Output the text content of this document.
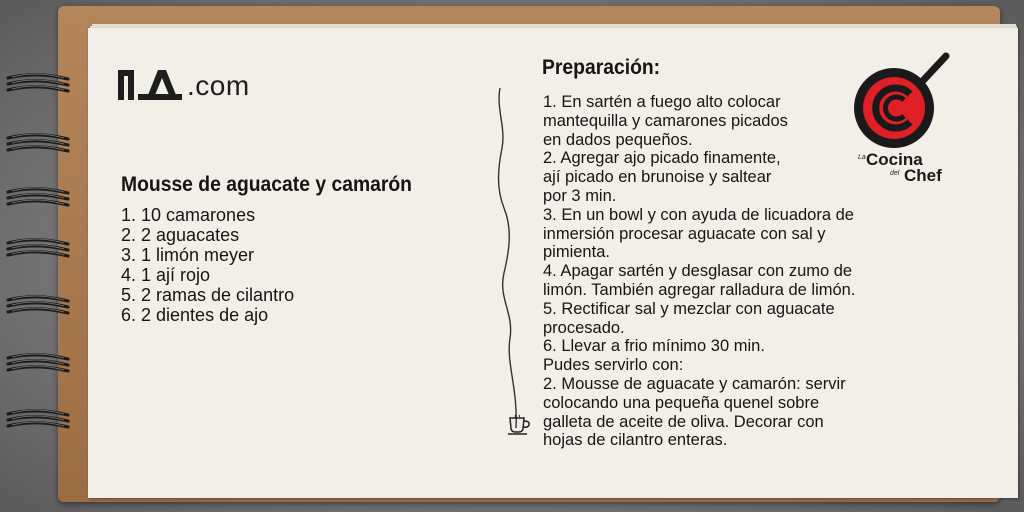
.com
Mousse de aguacate y camarón
1. 10 camarones
2. 2 aguacates
3. 1 limón meyer
4. 1 ají rojo
5. 2 ramas de cilantro
6. 2 dientes de ajo
Preparación:
1. En sartén a fuego alto colocar
mantequilla y camarones picados
en dados pequeños.
2. Agregar ajo picado finamente,
ají picado en brunoise y saltear
por 3 min.
3. En un bowl y con ayuda de licuadora de
inmersión procesar aguacate con sal y
pimienta.
4. Apagar sartén y desglasar con zumo de
limón. También agregar ralladura de limón.
5. Rectificar sal y mezclar con aguacate
procesado.
6. Llevar a frio mínimo 30 min.
Pudes servirlo con:
2. Mousse de aguacate y camarón: servir
colocando una pequeña quenel sobre
galleta de aceite de oliva. Decorar con
hojas de cilantro enteras.
La Cocina
del Chef
